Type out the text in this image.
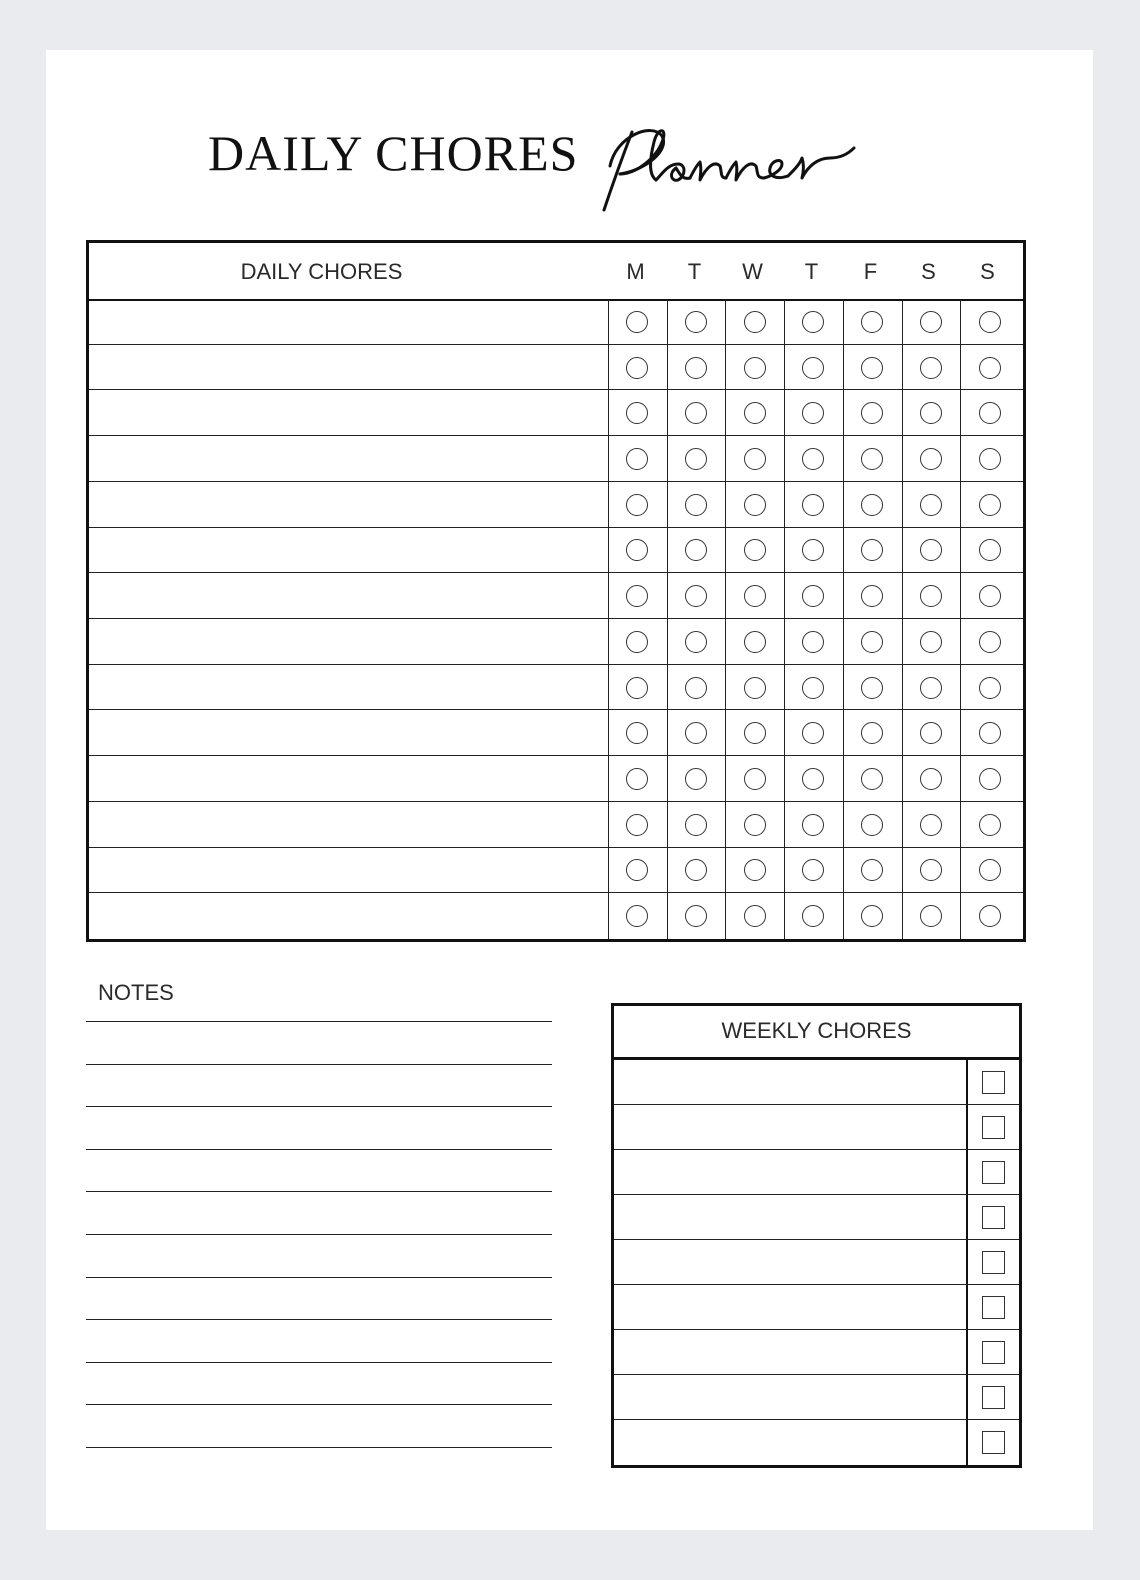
DAILY CHORES
DAILY CHORES	M	T	W	T	F	S	S
NOTES
WEEKLY CHORES
